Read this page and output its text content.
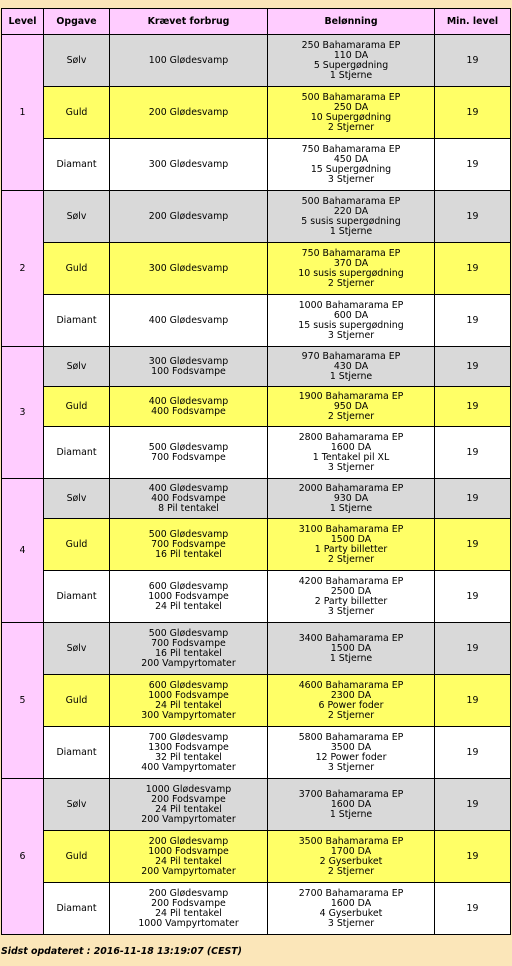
Level	Opgave	Krævet forbrug	Belønning	Min. level
1	Sølv	100 Glødesvamp	250 Bahamarama EP
110 DA
5 Supergødning
1 Stjerne	19
	Guld	200 Glødesvamp	500 Bahamarama EP
250 DA
10 Supergødning
2 Stjerner	19
	Diamant	300 Glødesvamp	750 Bahamarama EP
450 DA
15 Supergødning
3 Stjerner	19
2	Sølv	200 Glødesvamp	500 Bahamarama EP
220 DA
5 susis supergødning
1 Stjerne	19
	Guld	300 Glødesvamp	750 Bahamarama EP
370 DA
10 susis supergødning
2 Stjerner	19
	Diamant	400 Glødesvamp	1000 Bahamarama EP
600 DA
15 susis supergødning
3 Stjerner	19
3	Sølv	300 Glødesvamp
100 Fodsvampe	970 Bahamarama EP
430 DA
1 Stjerne	19
	Guld	400 Glødesvamp
400 Fodsvampe	1900 Bahamarama EP
950 DA
2 Stjerner	19
	Diamant	500 Glødesvamp
700 Fodsvampe	2800 Bahamarama EP
1600 DA
1 Tentakel pil XL
3 Stjerner	19
4	Sølv	400 Glødesvamp
400 Fodsvampe
8 Pil tentakel	2000 Bahamarama EP
930 DA
1 Stjerne	19
	Guld	500 Glødesvamp
700 Fodsvampe
16 Pil tentakel	3100 Bahamarama EP
1500 DA
1 Party billetter
2 Stjerner	19
	Diamant	600 Glødesvamp
1000 Fodsvampe
24 Pil tentakel	4200 Bahamarama EP
2500 DA
2 Party billetter
3 Stjerner	19
5	Sølv	500 Glødesvamp
700 Fodsvampe
16 Pil tentakel
200 Vampyrtomater	3400 Bahamarama EP
1500 DA
1 Stjerne	19
	Guld	600 Glødesvamp
1000 Fodsvampe
24 Pil tentakel
300 Vampyrtomater	4600 Bahamarama EP
2300 DA
6 Power foder
2 Stjerner	19
	Diamant	700 Glødesvamp
1300 Fodsvampe
32 Pil tentakel
400 Vampyrtomater	5800 Bahamarama EP
3500 DA
12 Power foder
3 Stjerner	19
6	Sølv	1000 Glødesvamp
200 Fodsvampe
24 Pil tentakel
200 Vampyrtomater	3700 Bahamarama EP
1600 DA
1 Stjerne	19
	Guld	200 Glødesvamp
1000 Fodsvampe
24 Pil tentakel
200 Vampyrtomater	3500 Bahamarama EP
1700 DA
2 Gyserbuket
2 Stjerner	19
	Diamant	200 Glødesvamp
200 Fodsvampe
24 Pil tentakel
1000 Vampyrtomater	2700 Bahamarama EP
1600 DA
4 Gyserbuket
3 Stjerner	19
Sidst opdateret : 2016-11-18 13:19:07 (CEST)
